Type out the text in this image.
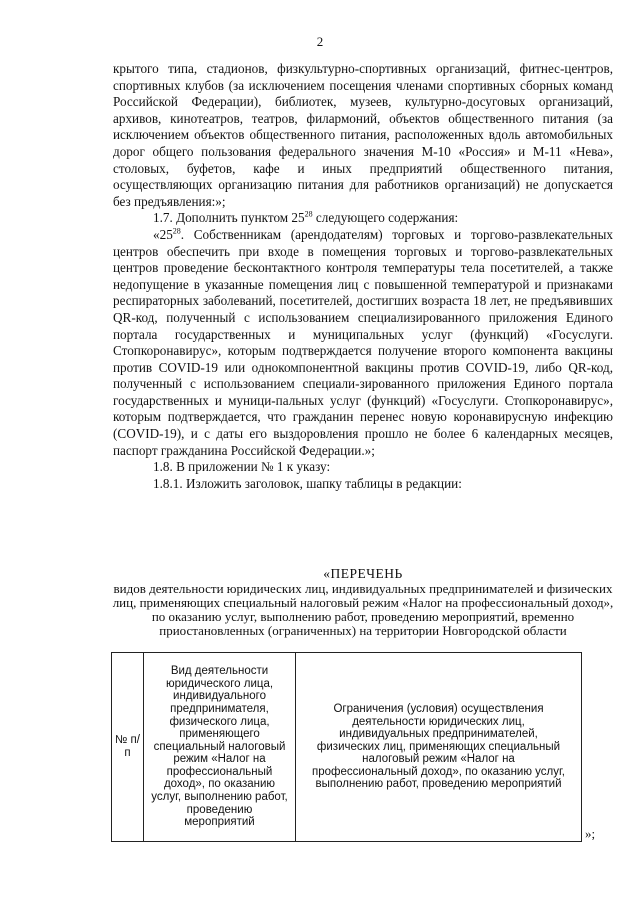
2

крытого типа, стадионов, физкультурно-спортивных организаций, фитнес-центров, спортивных клубов (за исключением посещения членами спортивных сборных команд Российской Федерации), библиотек, музеев, культурно-досуговых организаций, архивов, кинотеатров, театров, филармоний, объектов общественного питания (за исключением объектов общественного питания, расположенных вдоль автомобильных дорог общего пользования федерального значения М-10 «Россия» и М-11 «Нева», столовых, буфетов, кафе и иных предприятий общественного питания, осуществляющих организацию питания для работников организаций) не допускается без предъявления:»;

1.7. Дополнить пунктом $25^{28}$ следующего содержания:

«$25^{28}$. Собственникам (арендодателям) торговых и торгово-развлекательных центров обеспечить при входе в помещения торговых и торгово-развлекательных центров проведение бесконтактного контроля температуры тела посетителей, а также недопущение в указанные помещения лиц с повышенной температурой и признаками респираторных заболеваний, посетителей, достигших возраста 18 лет, не предъявивших QR-код, полученный с использованием специализированного приложения Единого портала государственных и муниципальных услуг (функций) «Госуслуги. Стопкоронавирус», которым подтверждается получение второго компонента вакцины против COVID-19 или однокомпонентной вакцины против COVID-19, либо QR-код, полученный с использованием специали-зированного приложения Единого портала государственных и муници-пальных услуг (функций) «Госуслуги. Стопкоронавирус», которым подтверждается, что гражданин перенес новую коронавирусную инфекцию (COVID-19), и с даты его выздоровления прошло не более 6 календарных месяцев, паспорт гражданина Российской Федерации.»;

1.8. В приложении № 1 к указу:

1.8.1. Изложить заголовок, шапку таблицы в редакции:

«ПЕРЕЧЕНЬ
видов деятельности юридических лиц, индивидуальных предпринимателей и физических лиц, применяющих специальный налоговый режим «Налог на профессиональный доход», по оказанию услуг, выполнению работ, проведению мероприятий, временно приостановленных (ограниченных) на территории Новгородской области
№ п/п
Вид деятельности юридического лица, индивидуального предпринимателя, физического лица, применяющего специальный налоговый режим «Налог на профессиональный доход», по оказанию услуг, выполнению работ, проведению мероприятий
Ограничения (условия) осуществления деятельности юридических лиц, индивидуальных предпринимателей, физических лиц, применяющих специальный налоговый режим «Налог на профессиональный доход», по оказанию услуг, выполнению работ, проведению мероприятий
»;
